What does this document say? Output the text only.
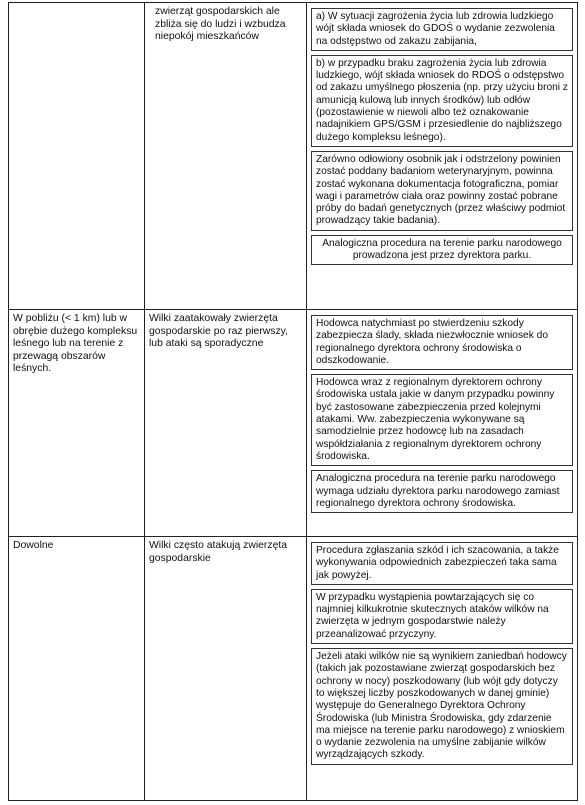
	zwierząt gospodarskich ale zbliża się do ludzi i wzbudza niepokój mieszkańców	a) W sytuacji zagrożenia życia lub zdrowia ludzkiego wójt składa wniosek do GDOŚ o wydanie zezwolenia na odstępstwo od zakazu zabijania,
b) w przypadku braku zagrożenia życia lub zdrowia ludzkiego, wójt składa wniosek do RDOŚ o odstępstwo od zakazu umyślnego płoszenia (np. przy użyciu broni z amunicją kulową lub innych środków) lub odłów (pozostawienie w niewoli albo też oznakowanie nadajnikiem GPS/GSM i przesiedlenie do najbliższego dużego kompleksu leśnego).
Zarówno odłowiony osobnik jak i odstrzelony powinien zostać poddany badaniom weterynaryjnym, powinna zostać wykonana dokumentacja fotograficzna, pomiar wagi i parametrów ciała oraz powinny zostać pobrane próby do badań genetycznych (przez właściwy podmiot prowadzący takie badania).
Analogiczna procedura na terenie parku narodowego prowadzona jest przez dyrektora parku.

W pobliżu (< 1 km) lub w obrębie dużego kompleksu leśnego lub na terenie z przewagą obszarów leśnych.	Wilki zaatakowały zwierzęta gospodarskie po raz pierwszy, lub ataki są sporadyczne	Hodowca natychmiast po stwierdzeniu szkody zabezpiecza ślady, składa niezwłocznie wniosek do regionalnego dyrektora ochrony środowiska o odszkodowanie.
Hodowca wraz z regionalnym dyrektorem ochrony środowiska ustala jakie w danym przypadku powinny być zastosowane zabezpieczenia przed kolejnymi atakami. Ww. zabezpieczenia wykonywane są samodzielnie przez hodowcę lub na zasadach współdziałania z regionalnym dyrektorem ochrony środowiska.
Analogiczna procedura na terenie parku narodowego wymaga udziału dyrektora parku narodowego zamiast regionalnego dyrektora ochrony środowiska.

Dowolne	Wilki często atakują zwierzęta gospodarskie	Procedura zgłaszania szkód i ich szacowania, a także wykonywania odpowiednich zabezpieczeń taka sama jak powyżej.
W przypadku wystąpienia powtarzających się co najmniej kilkukrotnie skutecznych ataków wilków na zwierzęta w jednym gospodarstwie należy przeanalizować przyczyny.
Jeżeli ataki wilków nie są wynikiem zaniedbań hodowcy (takich jak pozostawiane zwierząt gospodarskich bez ochrony w nocy) poszkodowany (lub wójt gdy dotyczy to większej liczby poszkodowanych w danej gminie) występuje do Generalnego Dyrektora Ochrony Środowiska (lub Ministra Środowiska, gdy zdarzenie ma miejsce na terenie parku narodowego) z wnioskiem o wydanie zezwolenia na umyślne zabijanie wilków wyrządzających szkody.
